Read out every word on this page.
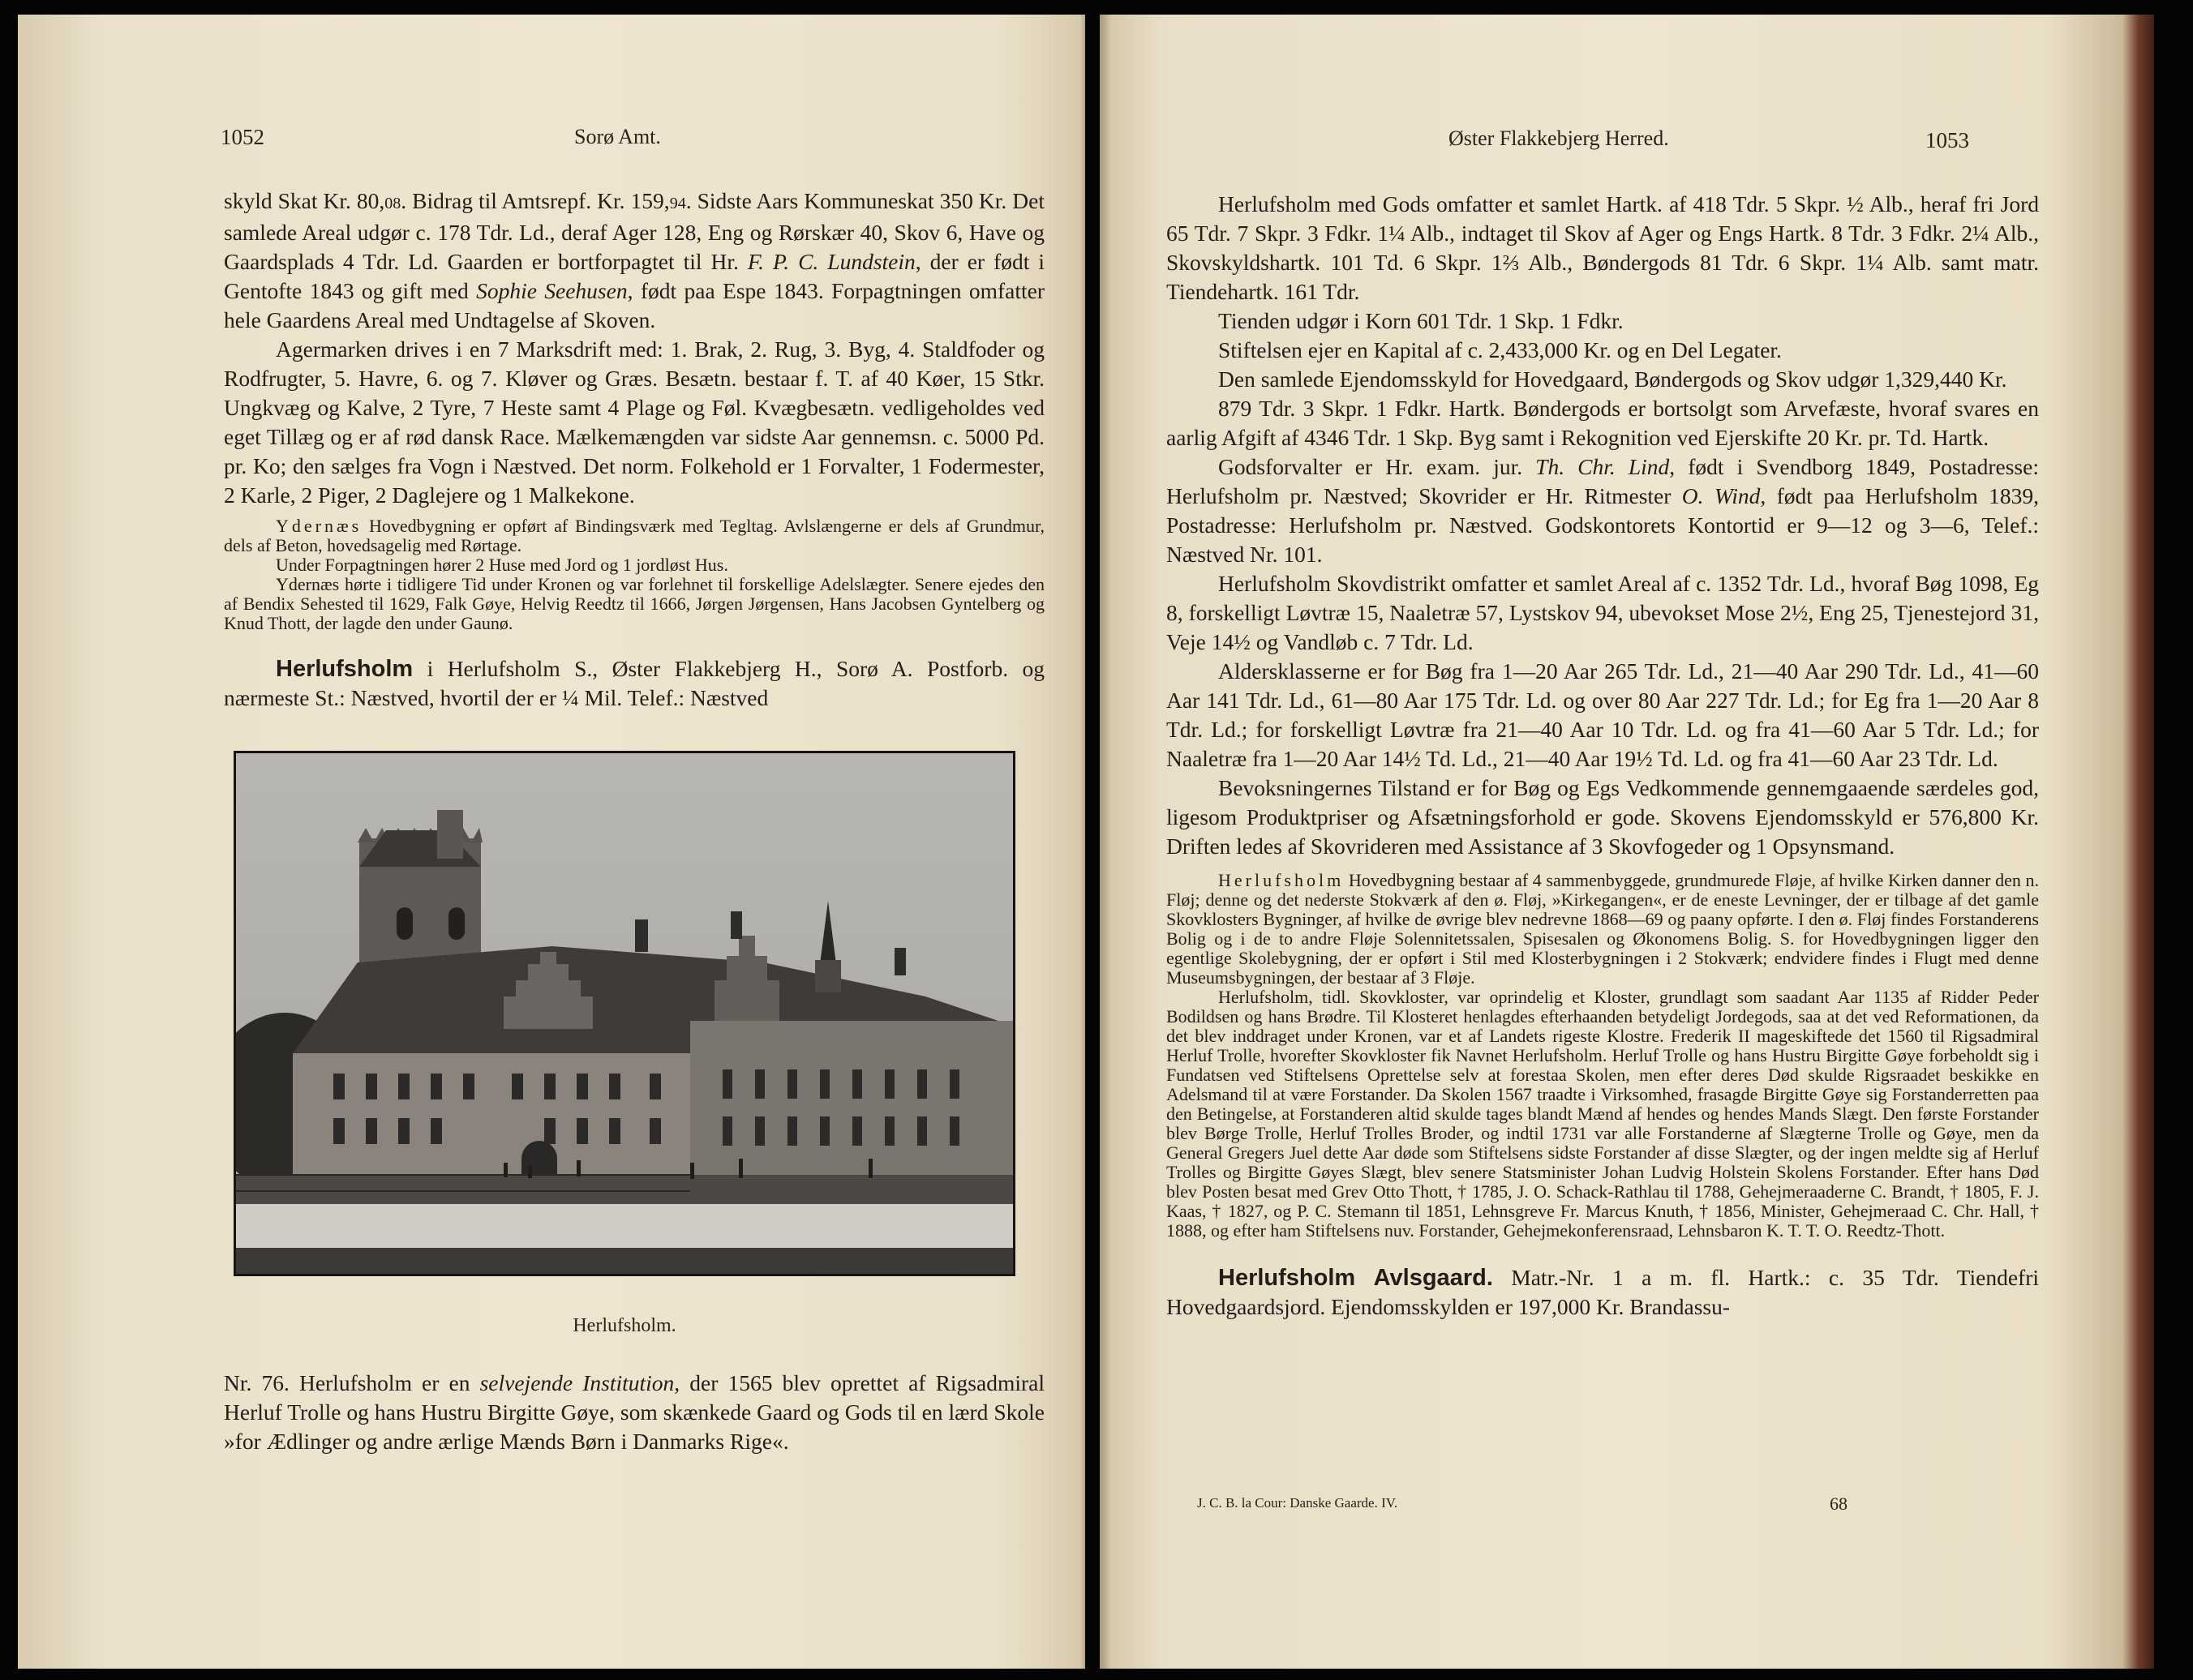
1052	Sorø Amt.

skyld Skat Kr. 80,08. Bidrag til Amtsrepf. Kr. 159,94. Sidste Aars Kommuneskat 350 Kr. Det samlede Areal udgør c. 178 Tdr. Ld., deraf Ager 128, Eng og Rørskær 40, Skov 6, Have og Gaardsplads 4 Tdr. Ld. Gaarden er bortforpagtet til Hr. F. P. C. Lundstein, der er født i Gentofte 1843 og gift med Sophie Seehusen, født paa Espe 1843. Forpagtningen omfatter hele Gaardens Areal med Undtagelse af Skoven.

Agermarken drives i en 7 Marksdrift med: 1. Brak, 2. Rug, 3. Byg, 4. Staldfoder og Rodfrugter, 5. Havre, 6. og 7. Kløver og Græs. Besætn. bestaar f. T. af 40 Køer, 15 Stkr. Ungkvæg og Kalve, 2 Tyre, 7 Heste samt 4 Plage og Føl. Kvægbesætn. vedligeholdes ved eget Tillæg og er af rød dansk Race. Mælkemængden var sidste Aar gennemsn. c. 5000 Pd. pr. Ko; den sælges fra Vogn i Næstved. Det norm. Folkehold er 1 Forvalter, 1 Fodermester, 2 Karle, 2 Piger, 2 Daglejere og 1 Malkekone.

Ydernæs Hovedbygning er opført af Bindingsværk med Tegltag. Avlslængerne er dels af Grundmur, dels af Beton, hovedsagelig med Rørtage.

Under Forpagtningen hører 2 Huse med Jord og 1 jordløst Hus.

Ydernæs hørte i tidligere Tid under Kronen og var forlehnet til forskellige Adelslægter. Senere ejedes den af Bendix Sehested til 1629, Falk Gøye, Helvig Reedtz til 1666, Jørgen Jørgensen, Hans Jacobsen Gyntelberg og Knud Thott, der lagde den under Gaunø.

Herlufsholm i Herlufsholm S., Øster Flakkebjerg H., Sorø A. Postforb. og nærmeste St.: Næstved, hvortil der er ¼ Mil. Telef.: Næstved

Herlufsholm.

Nr. 76. Herlufsholm er en selvejende Institution, der 1565 blev oprettet af Rigsadmiral Herluf Trolle og hans Hustru Birgitte Gøye, som skænkede Gaard og Gods til en lærd Skole »for Ædlinger og andre ærlige Mænds Børn i Danmarks Rige«.

Øster Flakkebjerg Herred.	1053

Herlufsholm med Gods omfatter et samlet Hartk. af 418 Tdr. 5 Skpr. ½ Alb., heraf fri Jord 65 Tdr. 7 Skpr. 3 Fdkr. 1¼ Alb., indtaget til Skov af Ager og Engs Hartk. 8 Tdr. 3 Fdkr. 2¼ Alb., Skovskyldshartk. 101 Td. 6 Skpr. 1⅔ Alb., Bøndergods 81 Tdr. 6 Skpr. 1¼ Alb. samt matr. Tiendehartk. 161 Tdr.

Tienden udgør i Korn 601 Tdr. 1 Skp. 1 Fdkr.

Stiftelsen ejer en Kapital af c. 2,433,000 Kr. og en Del Legater.

Den samlede Ejendomsskyld for Hovedgaard, Bøndergods og Skov udgør 1,329,440 Kr.

879 Tdr. 3 Skpr. 1 Fdkr. Hartk. Bøndergods er bortsolgt som Arvefæste, hvoraf svares en aarlig Afgift af 4346 Tdr. 1 Skp. Byg samt i Rekognition ved Ejerskifte 20 Kr. pr. Td. Hartk.

Godsforvalter er Hr. exam. jur. Th. Chr. Lind, født i Svendborg 1849, Postadresse: Herlufsholm pr. Næstved; Skovrider er Hr. Ritmester O. Wind, født paa Herlufsholm 1839, Postadresse: Herlufsholm pr. Næstved. Godskontorets Kontortid er 9—12 og 3—6, Telef.: Næstved Nr. 101.

Herlufsholm Skovdistrikt omfatter et samlet Areal af c. 1352 Tdr. Ld., hvoraf Bøg 1098, Eg 8, forskelligt Løvtræ 15, Naaletræ 57, Lystskov 94, ubevokset Mose 2½, Eng 25, Tjenestejord 31, Veje 14½ og Vandløb c. 7 Tdr. Ld.

Aldersklasserne er for Bøg fra 1—20 Aar 265 Tdr. Ld., 21—40 Aar 290 Tdr. Ld., 41—60 Aar 141 Tdr. Ld., 61—80 Aar 175 Tdr. Ld. og over 80 Aar 227 Tdr. Ld.; for Eg fra 1—20 Aar 8 Tdr. Ld.; for forskelligt Løvtræ fra 21—40 Aar 10 Tdr. Ld. og fra 41—60 Aar 5 Tdr. Ld.; for Naaletræ fra 1—20 Aar 14½ Td. Ld., 21—40 Aar 19½ Td. Ld. og fra 41—60 Aar 23 Tdr. Ld.

Bevoksningernes Tilstand er for Bøg og Egs Vedkommende gennemgaaende særdeles god, ligesom Produktpriser og Afsætningsforhold er gode. Skovens Ejendomsskyld er 576,800 Kr. Driften ledes af Skovrideren med Assistance af 3 Skovfogeder og 1 Opsynsmand.

Herlufsholm Hovedbygning bestaar af 4 sammenbyggede, grundmurede Fløje, af hvilke Kirken danner den n. Fløj; denne og det nederste Stokværk af den ø. Fløj, »Kirkegangen«, er de eneste Levninger, der er tilbage af det gamle Skovklosters Bygninger, af hvilke de øvrige blev nedrevne 1868—69 og paany opførte. I den ø. Fløj findes Forstanderens Bolig og i de to andre Fløje Solennitetssalen, Spisesalen og Økonomens Bolig. S. for Hovedbygningen ligger den egentlige Skolebygning, der er opført i Stil med Klosterbygningen i 2 Stokværk; endvidere findes i Flugt med denne Museumsbygningen, der bestaar af 3 Fløje.

Herlufsholm, tidl. Skovkloster, var oprindelig et Kloster, grundlagt som saadant Aar 1135 af Ridder Peder Bodildsen og hans Brødre. Til Klosteret henlagdes efterhaanden betydeligt Jordegods, saa at det ved Reformationen, da det blev inddraget under Kronen, var et af Landets rigeste Klostre. Frederik II mageskiftede det 1560 til Rigsadmiral Herluf Trolle, hvorefter Skovkloster fik Navnet Herlufsholm. Herluf Trolle og hans Hustru Birgitte Gøye forbeholdt sig i Fundatsen ved Stiftelsens Oprettelse selv at forestaa Skolen, men efter deres Død skulde Rigsraadet beskikke en Adelsmand til at være Forstander. Da Skolen 1567 traadte i Virksomhed, frasagde Birgitte Gøye sig Forstanderretten paa den Betingelse, at Forstanderen altid skulde tages blandt Mænd af hendes og hendes Mands Slægt. Den første Forstander blev Børge Trolle, Herluf Trolles Broder, og indtil 1731 var alle Forstanderne af Slægterne Trolle og Gøye, men da General Gregers Juel dette Aar døde som Stiftelsens sidste Forstander af disse Slægter, og der ingen meldte sig af Herluf Trolles og Birgitte Gøyes Slægt, blev senere Statsminister Johan Ludvig Holstein Skolens Forstander. Efter hans Død blev Posten besat med Grev Otto Thott, † 1785, J. O. Schack-Rathlau til 1788, Gehejmeraaderne C. Brandt, † 1805, F. J. Kaas, † 1827, og P. C. Stemann til 1851, Lehnsgreve Fr. Marcus Knuth, † 1856, Minister, Gehejmeraad C. Chr. Hall, † 1888, og efter ham Stiftelsens nuv. Forstander, Gehejmekonferensraad, Lehnsbaron K. T. T. O. Reedtz-Thott.

Herlufsholm Avlsgaard. Matr.-Nr. 1 a m. fl. Hartk.: c. 35 Tdr. Tiendefri Hovedgaardsjord. Ejendomsskylden er 197,000 Kr. Brandassu-

J. C. B. la Cour: Danske Gaarde. IV.	68
